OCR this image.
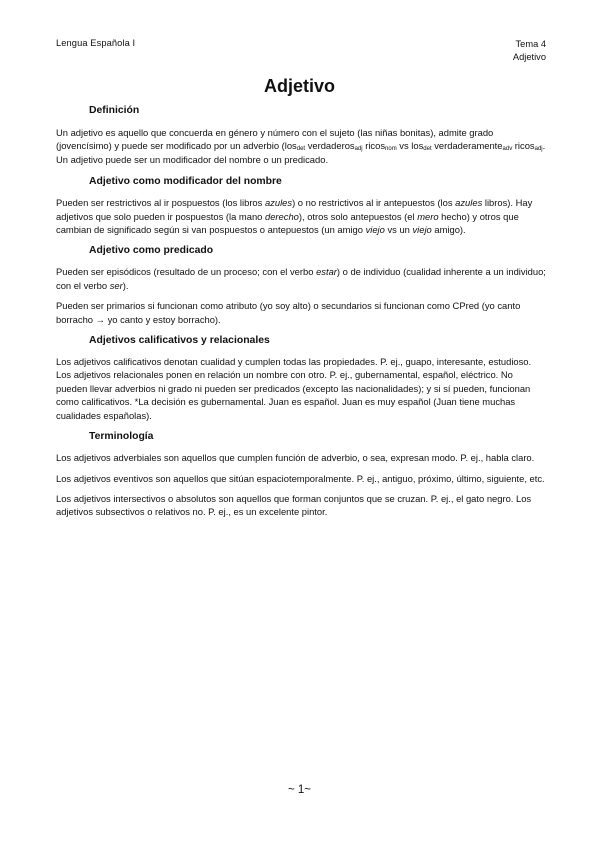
Lengua Española I	Tema 4
Adjetivo
Adjetivo
Definición

Un adjetivo es aquello que concuerda en género y número con el sujeto (las niñas bonitas), admite grado (jovencísimo) y puede ser modificado por un adverbio (los$_{det}$ verdaderos$_{adj}$ ricos$_{nom}$ vs los$_{det}$ verdaderamente$_{adv}$ ricos$_{adj}$. Un adjetivo puede ser un modificador del nombre o un predicado.

Adjetivo como modificador del nombre

Pueden ser restrictivos al ir pospuestos (los libros azules) o no restrictivos al ir antepuestos (los azules libros). Hay adjetivos que solo pueden ir pospuestos (la mano derecho), otros solo antepuestos (el mero hecho) y otros que cambian de significado según si van pospuestos o antepuestos (un amigo viejo vs un viejo amigo).

Adjetivo como predicado

Pueden ser episódicos (resultado de un proceso; con el verbo estar) o de individuo (cualidad inherente a un individuo; con el verbo ser).

Pueden ser primarios si funcionan como atributo (yo soy alto) o secundarios si funcionan como CPred (yo canto borracho → yo canto y estoy borracho).

Adjetivos calificativos y relacionales

Los adjetivos calificativos denotan cualidad y cumplen todas las propiedades. P. ej., guapo, interesante, estudioso. Los adjetivos relacionales ponen en relación un nombre con otro. P. ej., gubernamental, español, eléctrico. No pueden llevar adverbios ni grado ni pueden ser predicados (excepto las nacionalidades); y si sí pueden, funcionan como calificativos. *La decisión es gubernamental. Juan es español. Juan es muy español (Juan tiene muchas cualidades españolas).

Terminología

Los adjetivos adverbiales son aquellos que cumplen función de adverbio, o sea, expresan modo. P. ej., habla claro.

Los adjetivos eventivos son aquellos que sitúan espaciotemporalmente. P. ej., antiguo, próximo, último, siguiente, etc.

Los adjetivos intersectivos o absolutos son aquellos que forman conjuntos que se cruzan. P. ej., el gato negro. Los adjetivos subsectivos o relativos no. P. ej., es un excelente pintor.

~ 1~
